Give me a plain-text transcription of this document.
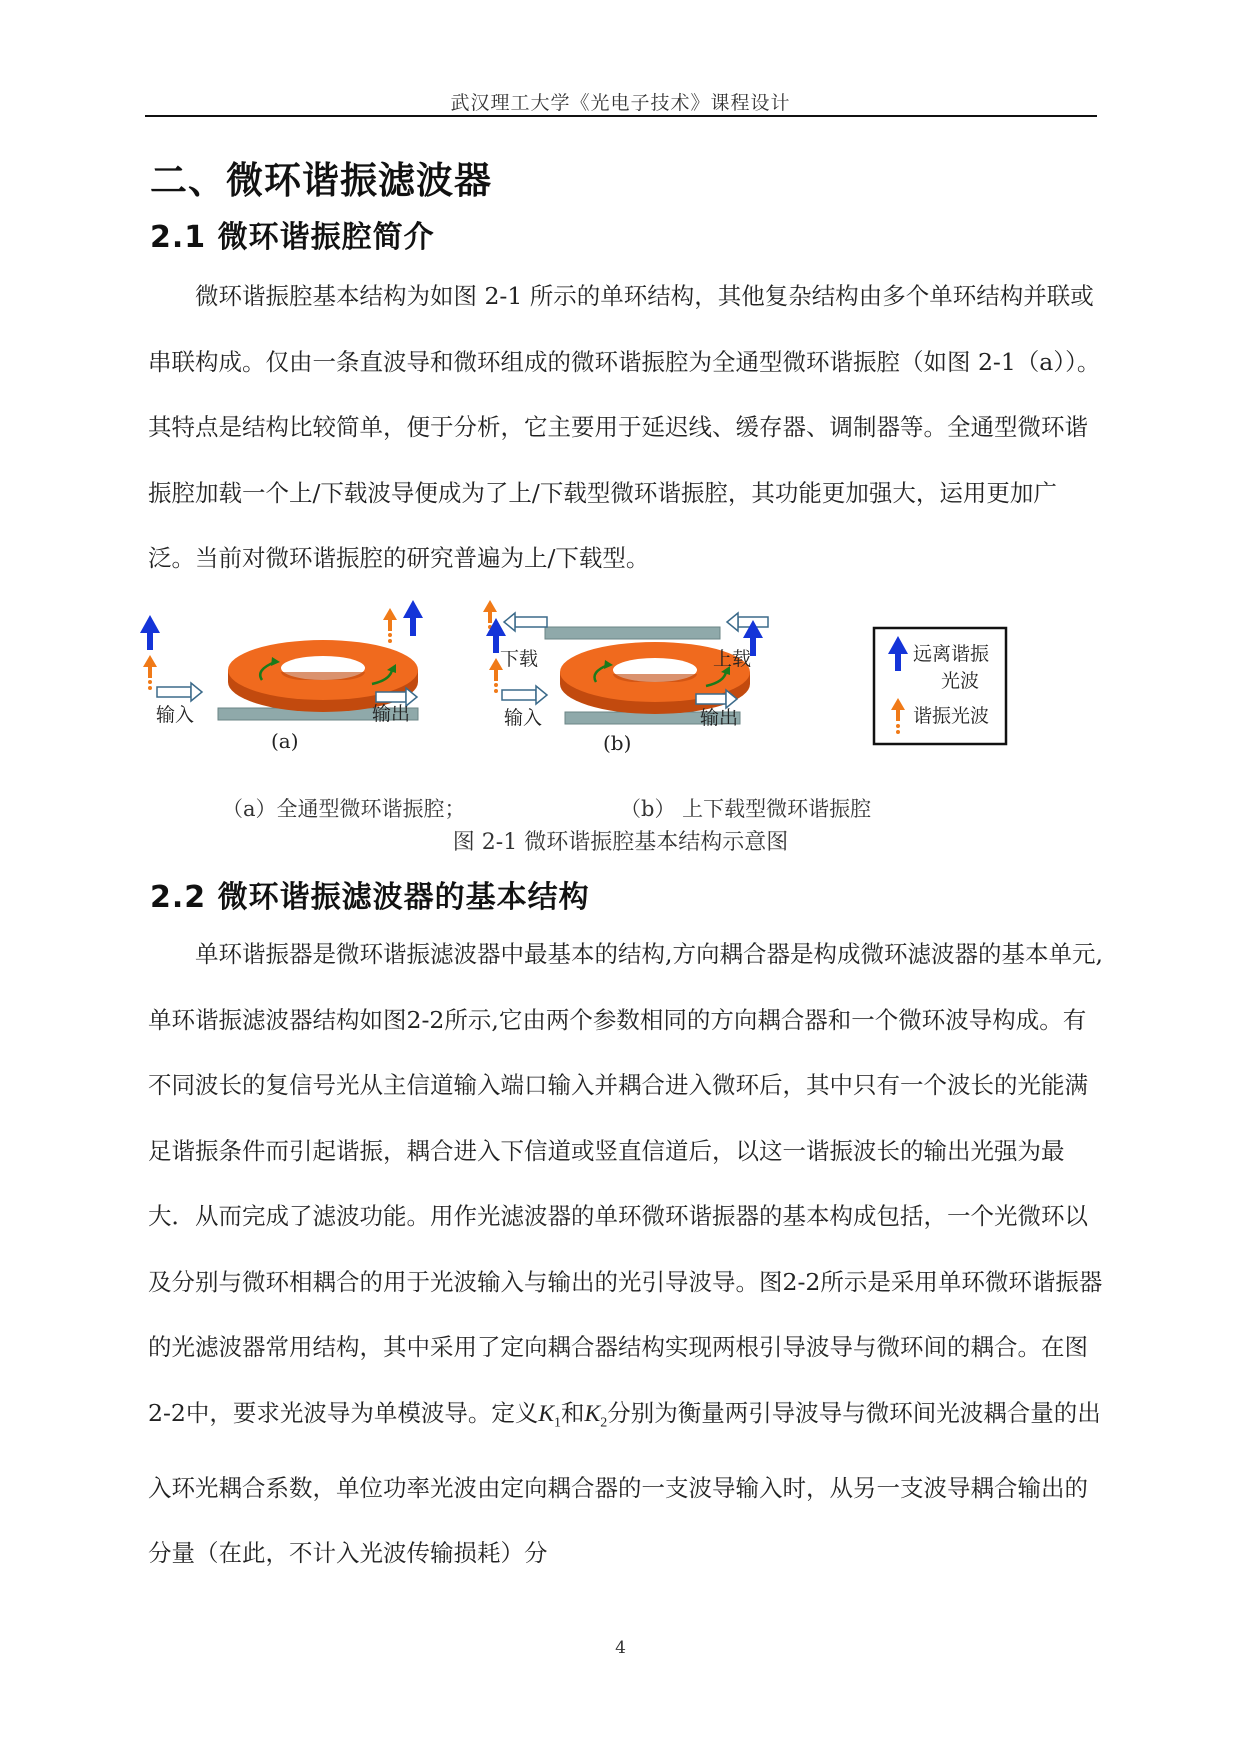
武汉理工大学《光电子技术》课程设计
二、微环谐振滤波器
2.1 微环谐振腔简介

微环谐振腔基本结构为如图 2-1 所示的单环结构，其他复杂结构由多个单环结构并联或串联构成。仅由一条直波导和微环组成的微环谐振腔为全通型微环谐振腔（如图 2-1（a））。其特点是结构比较简单，便于分析，它主要用于延迟线、缓存器、调制器等。全通型微环谐振腔加载一个上/下载波导便成为了上/下载型微环谐振腔，其功能更加强大，运用更加广泛。当前对微环谐振腔的研究普遍为上/下载型。

输入	输出
(a)
下载	上载
输入	输出
(b)
远离谐振
光波
谐振光波
（a）全通型微环谐振腔；	（b） 上下载型微环谐振腔
图 2-1 微环谐振腔基本结构示意图
2.2 微环谐振滤波器的基本结构

单环谐振器是微环谐振滤波器中最基本的结构,方向耦合器是构成微环滤波器的基本单元,单环谐振滤波器结构如图2-2所示,它由两个参数相同的方向耦合器和一个微环波导构成。有不同波长的复信号光从主信道输入端口输入并耦合进入微环后，其中只有一个波长的光能满足谐振条件而引起谐振，耦合进入下信道或竖直信道后，以这一谐振波长的输出光强为最大．从而完成了滤波功能。用作光滤波器的单环微环谐振器的基本构成包括，一个光微环以及分别与微环相耦合的用于光波输入与输出的光引导波导。图2-2所示是采用单环微环谐振器的光滤波器常用结构，其中采用了定向耦合器结构实现两根引导波导与微环间的耦合。在图2-2中，要求光波导为单模波导。定义$K_1$和$K_2$分别为衡量两引导波导与微环间光波耦合量的出入环光耦合系数，单位功率光波由定向耦合器的一支波导输入时，从另一支波导耦合输出的分量（在此，不计入光波传输损耗）分

4
